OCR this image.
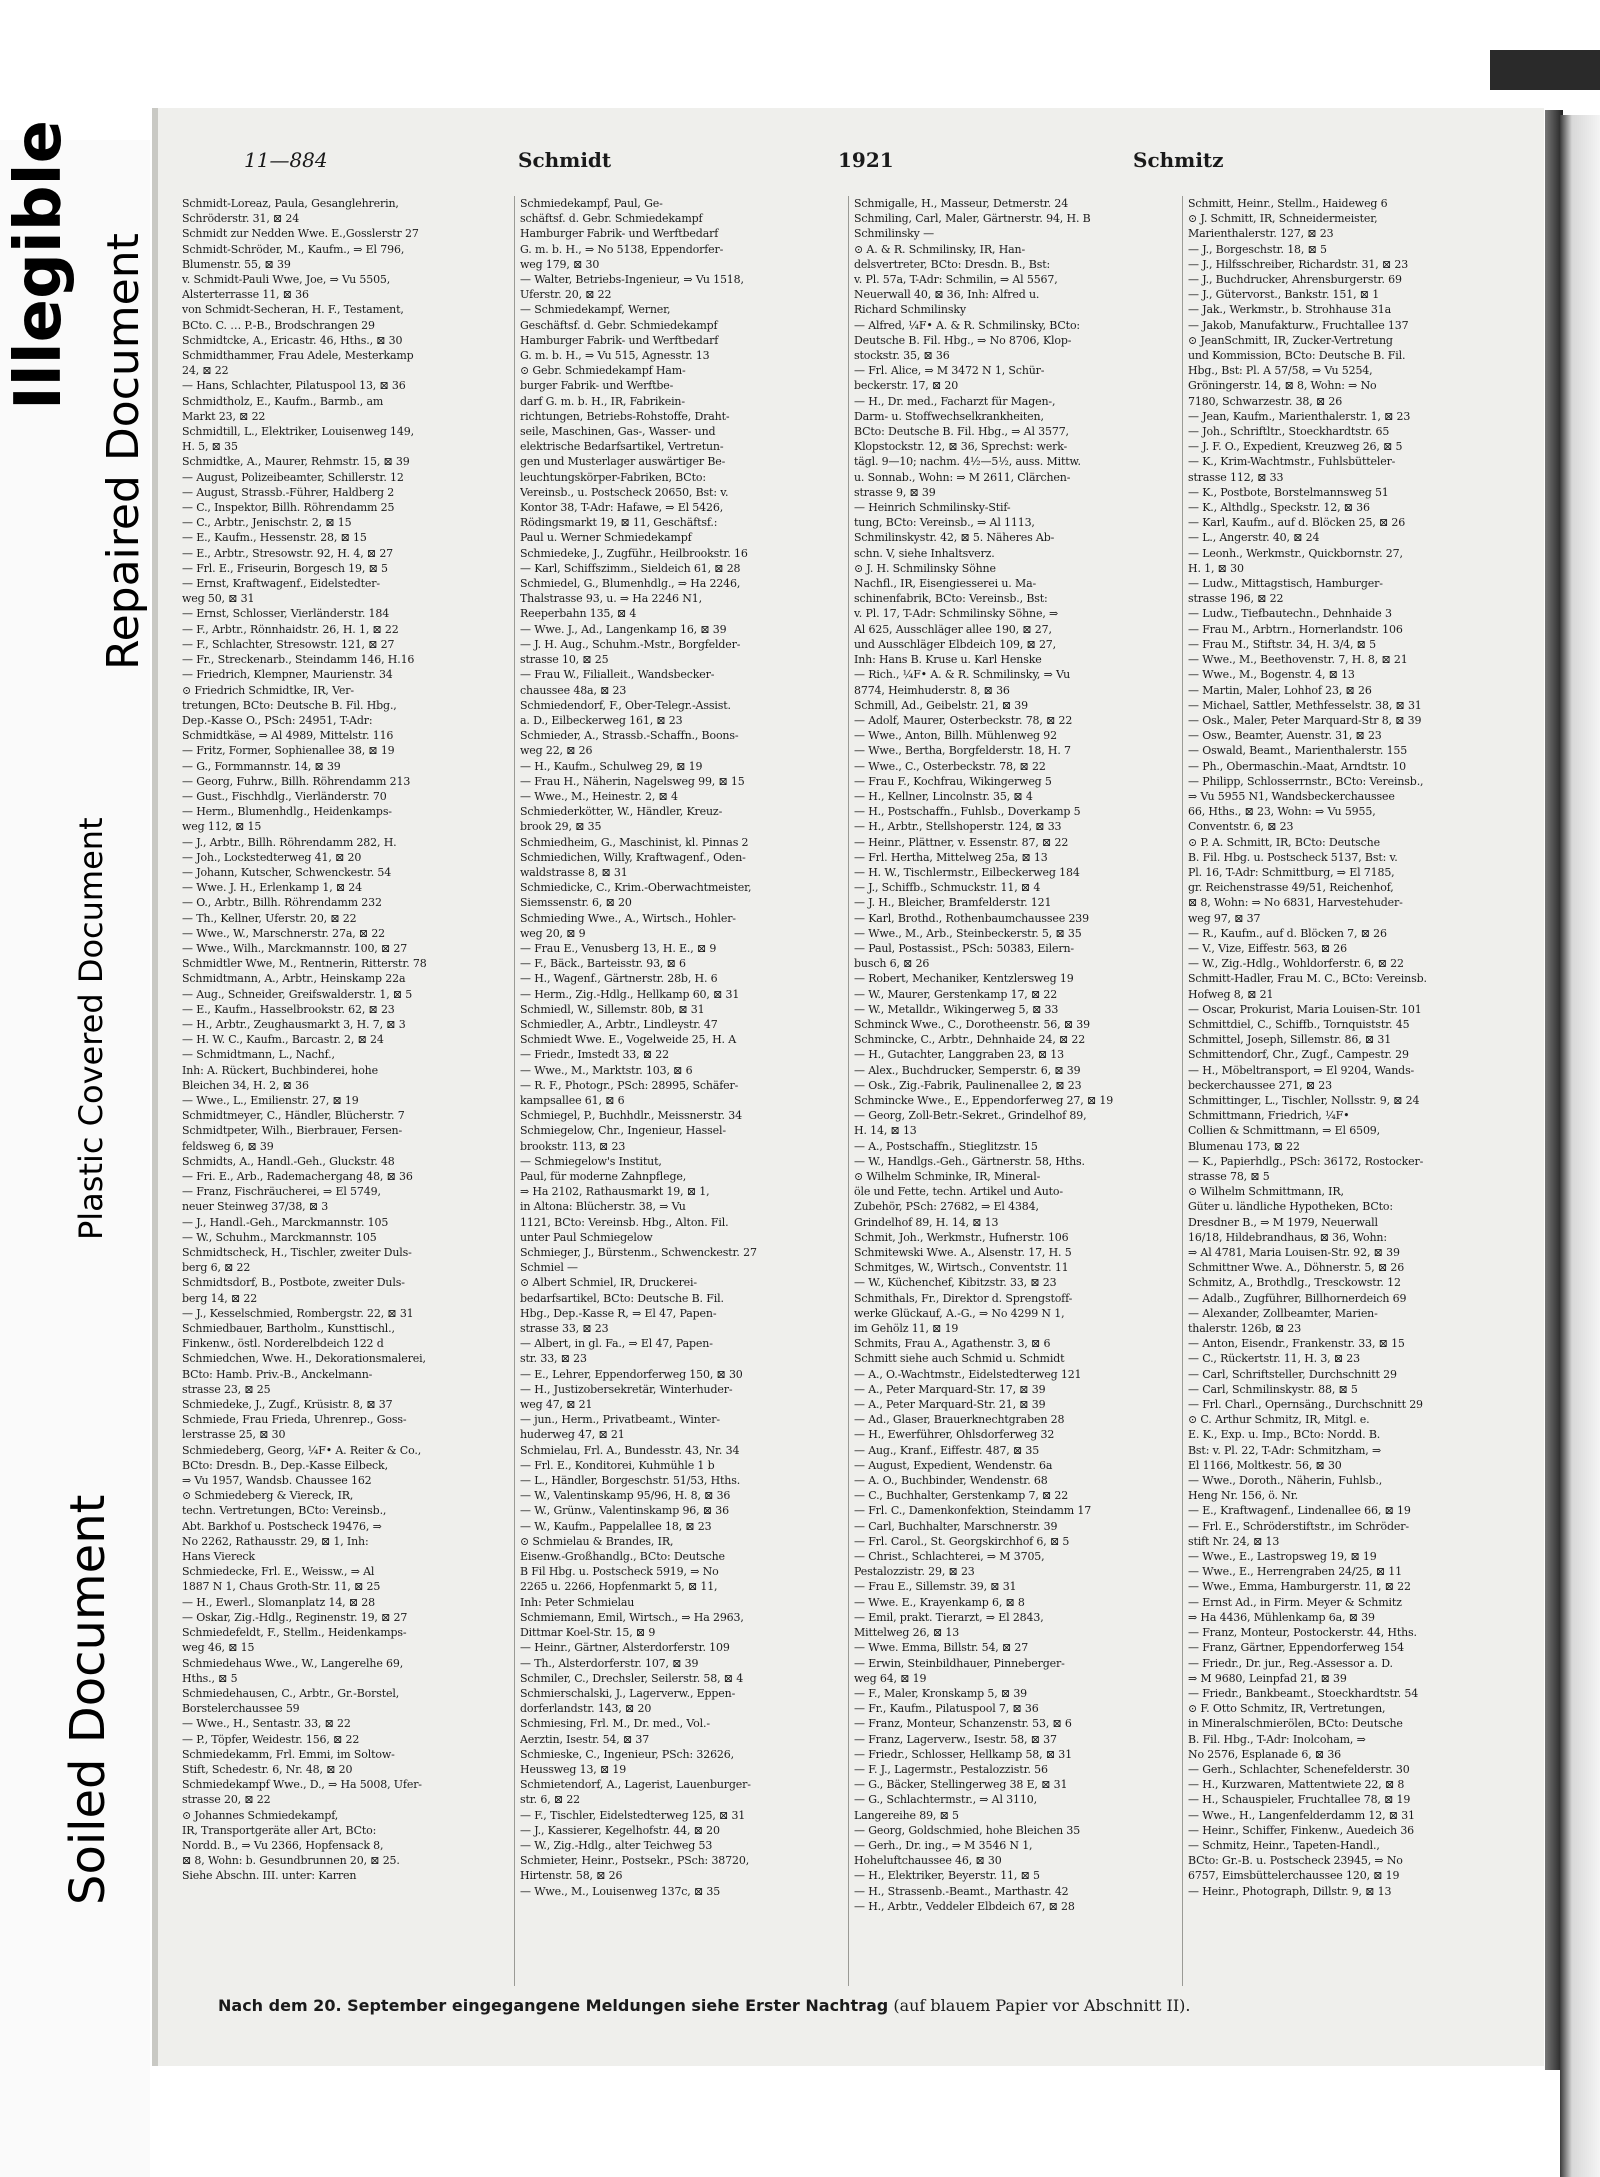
Illegible Repaired Document
Plastic Covered Document
Soiled Document
11—884	Schmidt	1921	Schmitz
Schmidt-Loreaz, Paula, Gesanglehrerin,
Schröderstr. 31, ⊠ 24
Schmidt zur Nedden Wwe. E.,Gosslerstr 27
Schmidt-Schröder, M., Kaufm., ⇒ El 796,
Blumenstr. 55, ⊠ 39
v. Schmidt-Pauli Wwe, Joe, ⇒ Vu 5505,
Alsterterrasse 11, ⊠ 36
von Schmidt-Secheran, H. F., Testament,
BCto. C. … P.-B., Brodschrangen 29
Schmidtcke, A., Ericastr. 46, Hths., ⊠ 30
Schmidthammer, Frau Adele, Mesterkamp
24, ⊠ 22
— Hans, Schlachter, Pilatuspool 13, ⊠ 36
Schmidtholz, E., Kaufm., Barmb., am
Markt 23, ⊠ 22
Schmidtill, L., Elektriker, Louisenweg 149,
H. 5, ⊠ 35
Schmidtke, A., Maurer, Rehmstr. 15, ⊠ 39
— August, Polizeibeamter, Schillerstr. 12
— August, Strassb.-Führer, Haldberg 2
— C., Inspektor, Billh. Röhrendamm 25
— C., Arbtr., Jenischstr. 2, ⊠ 15
— E., Kaufm., Hessenstr. 28, ⊠ 15
— E., Arbtr., Stresowstr. 92, H. 4, ⊠ 27
— Frl. E., Friseurin, Borgesch 19, ⊠ 5
— Ernst, Kraftwagenf., Eidelstedter-
weg 50, ⊠ 31
— Ernst, Schlosser, Vierländerstr. 184
— F., Arbtr., Rönnhaidstr. 26, H. 1, ⊠ 22
— F., Schlachter, Stresowstr. 121, ⊠ 27
— Fr., Streckenarb., Steindamm 146, H.16
— Friedrich, Klempner, Maurienstr. 34
⊙ Friedrich Schmidtke, IR, Ver-
tretungen, BCto: Deutsche B. Fil. Hbg.,
Dep.-Kasse O., PSch: 24951, T-Adr:
Schmidtkäse, ⇒ Al 4989, Mittelstr. 116
— Fritz, Former, Sophienallee 38, ⊠ 19
— G., Formmannstr. 14, ⊠ 39
— Georg, Fuhrw., Billh. Röhrendamm 213
— Gust., Fischhdlg., Vierländerstr. 70
— Herm., Blumenhdlg., Heidenkamps-
weg 112, ⊠ 15
— J., Arbtr., Billh. Röhrendamm 282, H.
— Joh., Lockstedterweg 41, ⊠ 20
— Johann, Kutscher, Schwenckestr. 54
— Wwe. J. H., Erlenkamp 1, ⊠ 24
— O., Arbtr., Billh. Röhrendamm 232
— Th., Kellner, Uferstr. 20, ⊠ 22
— Wwe., W., Marschnerstr. 27a, ⊠ 22
— Wwe., Wilh., Marckmannstr. 100, ⊠ 27
Schmidtler Wwe, M., Rentnerin, Ritterstr. 78
Schmidtmann, A., Arbtr., Heinskamp 22a
— Aug., Schneider, Greifswalderstr. 1, ⊠ 5
— E., Kaufm., Hasselbrookstr. 62, ⊠ 23
— H., Arbtr., Zeughausmarkt 3, H. 7, ⊠ 3
— H. W. C., Kaufm., Barcastr. 2, ⊠ 24
— Schmidtmann, L., Nachf.,
Inh: A. Rückert, Buchbinderei, hohe
Bleichen 34, H. 2, ⊠ 36
— Wwe., L., Emilienstr. 27, ⊠ 19
Schmidtmeyer, C., Händler, Blücherstr. 7
Schmidtpeter, Wilh., Bierbrauer, Fersen-
feldsweg 6, ⊠ 39
Schmidts, A., Handl.-Geh., Gluckstr. 48
— Fri. E., Arb., Rademachergang 48, ⊠ 36
— Franz, Fischräucherei, ⇒ El 5749,
neuer Steinweg 37/38, ⊠ 3
— J., Handl.-Geh., Marckmannstr. 105
— W., Schuhm., Marckmannstr. 105
Schmidtscheck, H., Tischler, zweiter Duls-
berg 6, ⊠ 22
Schmidtsdorf, B., Postbote, zweiter Duls-
berg 14, ⊠ 22
— J., Kesselschmied, Rombergstr. 22, ⊠ 31
Schmiedbauer, Bartholm., Kunsttischl.,
Finkenw., östl. Norderelbdeich 122 d
Schmiedchen, Wwe. H., Dekorationsmalerei,
BCto: Hamb. Priv.-B., Anckelmann-
strasse 23, ⊠ 25
Schmiedeke, J., Zugf., Krüsistr. 8, ⊠ 37
Schmiede, Frau Frieda, Uhrenrep., Goss-
lerstrasse 25, ⊠ 30
Schmiedeberg, Georg, ¼F• A. Reiter & Co.,
BCto: Dresdn. B., Dep.-Kasse Eilbeck,
⇒ Vu 1957, Wandsb. Chaussee 162
⊙ Schmiedeberg & Viereck, IR,
techn. Vertretungen, BCto: Vereinsb.,
Abt. Barkhof u. Postscheck 19476, ⇒
No 2262, Rathausstr. 29, ⊠ 1, Inh:
Hans Viereck
Schmiedecke, Frl. E., Weissw., ⇒ Al
1887 N 1, Chaus Groth-Str. 11, ⊠ 25
— H., Ewerl., Slomanplatz 14, ⊠ 28
— Oskar, Zig.-Hdlg., Reginenstr. 19, ⊠ 27
Schmiedefeldt, F., Stellm., Heidenkamps-
weg 46, ⊠ 15
Schmiedehaus Wwe., W., Langerelhe 69,
Hths., ⊠ 5
Schmiedehausen, C., Arbtr., Gr.-Borstel,
Borstelerchaussee 59
— Wwe., H., Sentastr. 33, ⊠ 22
— P., Töpfer, Weidestr. 156, ⊠ 22
Schmiedekamm, Frl. Emmi, im Soltow-
Stift, Schedestr. 6, Nr. 48, ⊠ 20
Schmiedekampf Wwe., D., ⇒ Ha 5008, Ufer-
strasse 20, ⊠ 22
⊙ Johannes Schmiedekampf,
IR, Transportgeräte aller Art, BCto:
Nordd. B., ⇒ Vu 2366, Hopfensack 8,
⊠ 8, Wohn: b. Gesundbrunnen 20, ⊠ 25.
Siehe Abschn. III. unter: Karren
Schmiedekampf, Paul, Ge-
schäftsf. d. Gebr. Schmiedekampf
Hamburger Fabrik- und Werftbedarf
G. m. b. H., ⇒ No 5138, Eppendorfer-
weg 179, ⊠ 30
— Walter, Betriebs-Ingenieur, ⇒ Vu 1518,
Uferstr. 20, ⊠ 22
— Schmiedekampf, Werner,
Geschäftsf. d. Gebr. Schmiedekampf
Hamburger Fabrik- und Werftbedarf
G. m. b. H., ⇒ Vu 515, Agnesstr. 13
⊙ Gebr. Schmiedekampf Ham-
burger Fabrik- und Werftbe-
darf G. m. b. H., IR, Fabrikein-
richtungen, Betriebs-Rohstoffe, Draht-
seile, Maschinen, Gas-, Wasser- und
elektrische Bedarfsartikel, Vertretun-
gen und Musterlager auswärtiger Be-
leuchtungskörper-Fabriken, BCto:
Vereinsb., u. Postscheck 20650, Bst: v.
Kontor 38, T-Adr: Hafawe, ⇒ El 5426,
Rödingsmarkt 19, ⊠ 11, Geschäftsf.:
Paul u. Werner Schmiedekampf
Schmiedeke, J., Zugführ., Heilbrookstr. 16
— Karl, Schiffszimm., Sieldeich 61, ⊠ 28
Schmiedel, G., Blumenhdlg., ⇒ Ha 2246,
Thalstrasse 93, u. ⇒ Ha 2246 N1,
Reeperbahn 135, ⊠ 4
— Wwe. J., Ad., Langenkamp 16, ⊠ 39
— J. H. Aug., Schuhm.-Mstr., Borgfelder-
strasse 10, ⊠ 25
— Frau W., Filialleit., Wandsbecker-
chaussee 48a, ⊠ 23
Schmiedendorf, F., Ober-Telegr.-Assist.
a. D., Eilbeckerweg 161, ⊠ 23
Schmieder, A., Strassb.-Schaffn., Boons-
weg 22, ⊠ 26
— H., Kaufm., Schulweg 29, ⊠ 19
— Frau H., Näherin, Nagelsweg 99, ⊠ 15
— Wwe., M., Heinestr. 2, ⊠ 4
Schmiederkötter, W., Händler, Kreuz-
brook 29, ⊠ 35
Schmiedheim, G., Maschinist, kl. Pinnas 2
Schmiedichen, Willy, Kraftwagenf., Oden-
waldstrasse 8, ⊠ 31
Schmiedicke, C., Krim.-Oberwachtmeister,
Siemssenstr. 6, ⊠ 20
Schmieding Wwe., A., Wirtsch., Hohler-
weg 20, ⊠ 9
— Frau E., Venusberg 13, H. E., ⊠ 9
— F., Bäck., Barteisstr. 93, ⊠ 6
— H., Wagenf., Gärtnerstr. 28b, H. 6
— Herm., Zig.-Hdlg., Hellkamp 60, ⊠ 31
Schmiedl, W., Sillemstr. 80b, ⊠ 31
Schmiedler, A., Arbtr., Lindleystr. 47
Schmiedt Wwe. E., Vogelweide 25, H. A
— Friedr., Imstedt 33, ⊠ 22
— Wwe., M., Marktstr. 103, ⊠ 6
— R. F., Photogr., PSch: 28995, Schäfer-
kampsallee 61, ⊠ 6
Schmiegel, P., Buchhdlr., Meissnerstr. 34
Schmiegelow, Chr., Ingenieur, Hassel-
brookstr. 113, ⊠ 23
— Schmiegelow's Institut,
Paul, für moderne Zahnpflege,
⇒ Ha 2102, Rathausmarkt 19, ⊠ 1,
in Altona: Blücherstr. 38, ⇒ Vu
1121, BCto: Vereinsb. Hbg., Alton. Fil.
unter Paul Schmiegelow
Schmieger, J., Bürstenm., Schwenckestr. 27
Schmiel —
⊙ Albert Schmiel, IR, Druckerei-
bedarfsartikel, BCto: Deutsche B. Fil.
Hbg., Dep.-Kasse R, ⇒ El 47, Papen-
strasse 33, ⊠ 23
— Albert, in gl. Fa., ⇒ El 47, Papen-
str. 33, ⊠ 23
— E., Lehrer, Eppendorferweg 150, ⊠ 30
— H., Justizobersekretär, Winterhuder-
weg 47, ⊠ 21
— jun., Herm., Privatbeamt., Winter-
huderweg 47, ⊠ 21
Schmielau, Frl. A., Bundesstr. 43, Nr. 34
— Frl. E., Konditorei, Kuhmühle 1 b
— L., Händler, Borgeschstr. 51/53, Hths.
— W., Valentinskamp 95/96, H. 8, ⊠ 36
— W., Grünw., Valentinskamp 96, ⊠ 36
— W., Kaufm., Pappelallee 18, ⊠ 23
⊙ Schmielau & Brandes, IR,
Eisenw.-Großhandlg., BCto: Deutsche
B Fil Hbg. u. Postscheck 5919, ⇒ No
2265 u. 2266, Hopfenmarkt 5, ⊠ 11,
Inh: Peter Schmielau
Schmiemann, Emil, Wirtsch., ⇒ Ha 2963,
Dittmar Koel-Str. 15, ⊠ 9
— Heinr., Gärtner, Alsterdorferstr. 109
— Th., Alsterdorferstr. 107, ⊠ 39
Schmiler, C., Drechsler, Seilerstr. 58, ⊠ 4
Schmierschalski, J., Lagerverw., Eppen-
dorferlandstr. 143, ⊠ 20
Schmiesing, Frl. M., Dr. med., Vol.-
Aerztin, Isestr. 54, ⊠ 37
Schmieske, C., Ingenieur, PSch: 32626,
Heussweg 13, ⊠ 19
Schmietendorf, A., Lagerist, Lauenburger-
str. 6, ⊠ 22
— F., Tischler, Eidelstedterweg 125, ⊠ 31
— J., Kassierer, Kegelhofstr. 44, ⊠ 20
— W., Zig.-Hdlg., alter Teichweg 53
Schmieter, Heinr., Postsekr., PSch: 38720,
Hirtenstr. 58, ⊠ 26
— Wwe., M., Louisenweg 137c, ⊠ 35
Schmigalle, H., Masseur, Detmerstr. 24
Schmiling, Carl, Maler, Gärtnerstr. 94, H. B
Schmilinsky —
⊙ A. & R. Schmilinsky, IR, Han-
delsvertreter, BCto: Dresdn. B., Bst:
v. Pl. 57a, T-Adr: Schmilin, ⇒ Al 5567,
Neuerwall 40, ⊠ 36, Inh: Alfred u.
Richard Schmilinsky
— Alfred, ¼F• A. & R. Schmilinsky, BCto:
Deutsche B. Fil. Hbg., ⇒ No 8706, Klop-
stockstr. 35, ⊠ 36
— Frl. Alice, ⇒ M 3472 N 1, Schür-
beckerstr. 17, ⊠ 20
— H., Dr. med., Facharzt für Magen-,
Darm- u. Stoffwechselkrankheiten,
BCto: Deutsche B. Fil. Hbg., ⇒ Al 3577,
Klopstockstr. 12, ⊠ 36, Sprechst: werk-
tägl. 9—10; nachm. 4½—5½, auss. Mittw.
u. Sonnab., Wohn: ⇒ M 2611, Clärchen-
strasse 9, ⊠ 39
— Heinrich Schmilinsky-Stif-
tung, BCto: Vereinsb., ⇒ Al 1113,
Schmilinskystr. 42, ⊠ 5. Näheres Ab-
schn. V, siehe Inhaltsverz.
⊙ J. H. Schmilinsky Söhne
Nachfl., IR, Eisengiesserei u. Ma-
schinenfabrik, BCto: Vereinsb., Bst:
v. Pl. 17, T-Adr: Schmilinsky Söhne, ⇒
Al 625, Ausschläger allee 190, ⊠ 27,
und Ausschläger Elbdeich 109, ⊠ 27,
Inh: Hans B. Kruse u. Karl Henske
— Rich., ¼F• A. & R. Schmilinsky, ⇒ Vu
8774, Heimhuderstr. 8, ⊠ 36
Schmill, Ad., Geibelstr. 21, ⊠ 39
— Adolf, Maurer, Osterbeckstr. 78, ⊠ 22
— Wwe., Anton, Billh. Mühlenweg 92
— Wwe., Bertha, Borgfelderstr. 18, H. 7
— Wwe., C., Osterbeckstr. 78, ⊠ 22
— Frau F., Kochfrau, Wikingerweg 5
— H., Kellner, Lincolnstr. 35, ⊠ 4
— H., Postschaffn., Fuhlsb., Doverkamp 5
— H., Arbtr., Stellshoperstr. 124, ⊠ 33
— Heinr., Plättner, v. Essenstr. 87, ⊠ 22
— Frl. Hertha, Mittelweg 25a, ⊠ 13
— H. W., Tischlermstr., Eilbeckerweg 184
— J., Schiffb., Schmuckstr. 11, ⊠ 4
— J. H., Bleicher, Bramfelderstr. 121
— Karl, Brothd., Rothenbaumchaussee 239
— Wwe., M., Arb., Steinbeckerstr. 5, ⊠ 35
— Paul, Postassist., PSch: 50383, Eilern-
busch 6, ⊠ 26
— Robert, Mechaniker, Kentzlersweg 19
— W., Maurer, Gerstenkamp 17, ⊠ 22
— W., Metalldr., Wikingerweg 5, ⊠ 33
Schminck Wwe., C., Dorotheenstr. 56, ⊠ 39
Schmincke, C., Arbtr., Dehnhaide 24, ⊠ 22
— H., Gutachter, Langgraben 23, ⊠ 13
— Alex., Buchdrucker, Semperstr. 6, ⊠ 39
— Osk., Zig.-Fabrik, Paulinenallee 2, ⊠ 23
Schmincke Wwe., E., Eppendorferweg 27, ⊠ 19
— Georg, Zoll-Betr.-Sekret., Grindelhof 89,
H. 14, ⊠ 13
— A., Postschaffn., Stieglitzstr. 15
— W., Handlgs.-Geh., Gärtnerstr. 58, Hths.
⊙ Wilhelm Schminke, IR, Mineral-
öle und Fette, techn. Artikel und Auto-
Zubehör, PSch: 27682, ⇒ El 4384,
Grindelhof 89, H. 14, ⊠ 13
Schmit, Joh., Werkmstr., Hufnerstr. 106
Schmitewski Wwe. A., Alsenstr. 17, H. 5
Schmitges, W., Wirtsch., Conventstr. 11
— W., Küchenchef, Kibitzstr. 33, ⊠ 23
Schmithals, Fr., Direktor d. Sprengstoff-
werke Glückauf, A.-G., ⇒ No 4299 N 1,
im Gehölz 11, ⊠ 19
Schmits, Frau A., Agathenstr. 3, ⊠ 6
Schmitt siehe auch Schmid u. Schmidt
— A., O.-Wachtmstr., Eidelstedterweg 121
— A., Peter Marquard-Str. 17, ⊠ 39
— A., Peter Marquard-Str. 21, ⊠ 39
— Ad., Glaser, Brauerknechtgraben 28
— H., Ewerführer, Ohlsdorferweg 32
— Aug., Kranf., Eiffestr. 487, ⊠ 35
— August, Expedient, Wendenstr. 6a
— A. O., Buchbinder, Wendenstr. 68
— C., Buchhalter, Gerstenkamp 7, ⊠ 22
— Frl. C., Damenkonfektion, Steindamm 17
— Carl, Buchhalter, Marschnerstr. 39
— Frl. Carol., St. Georgskirchhof 6, ⊠ 5
— Christ., Schlachterei, ⇒ M 3705,
Pestalozzistr. 29, ⊠ 23
— Frau E., Sillemstr. 39, ⊠ 31
— Wwe. E., Krayenkamp 6, ⊠ 8
— Emil, prakt. Tierarzt, ⇒ El 2843,
Mittelweg 26, ⊠ 13
— Wwe. Emma, Billstr. 54, ⊠ 27
— Erwin, Steinbildhauer, Pinneberger-
weg 64, ⊠ 19
— F., Maler, Kronskamp 5, ⊠ 39
— Fr., Kaufm., Pilatuspool 7, ⊠ 36
— Franz, Monteur, Schanzenstr. 53, ⊠ 6
— Franz, Lagerverw., Isestr. 58, ⊠ 37
— Friedr., Schlosser, Hellkamp 58, ⊠ 31
— F. J., Lagermstr., Pestalozzistr. 56
— G., Bäcker, Stellingerweg 38 E, ⊠ 31
— G., Schlachtermstr., ⇒ Al 3110,
Langereihe 89, ⊠ 5
— Georg, Goldschmied, hohe Bleichen 35
— Gerh., Dr. ing., ⇒ M 3546 N 1,
Hoheluftchaussee 46, ⊠ 30
— H., Elektriker, Beyerstr. 11, ⊠ 5
— H., Strassenb.-Beamt., Marthastr. 42
— H., Arbtr., Veddeler Elbdeich 67, ⊠ 28
Schmitt, Heinr., Stellm., Haideweg 6
⊙ J. Schmitt, IR, Schneidermeister,
Marienthalerstr. 127, ⊠ 23
— J., Borgeschstr. 18, ⊠ 5
— J., Hilfsschreiber, Richardstr. 31, ⊠ 23
— J., Buchdrucker, Ahrensburgerstr. 69
— J., Gütervorst., Bankstr. 151, ⊠ 1
— Jak., Werkmstr., b. Strohhause 31a
— Jakob, Manufakturw., Fruchtallee 137
⊙ JeanSchmitt, IR, Zucker-Vertretung
und Kommission, BCto: Deutsche B. Fil.
Hbg., Bst: Pl. A 57/58, ⇒ Vu 5254,
Gröningerstr. 14, ⊠ 8, Wohn: ⇒ No
7180, Schwarzestr. 38, ⊠ 26
— Jean, Kaufm., Marienthalerstr. 1, ⊠ 23
— Joh., Schriftltr., Stoeckhardtstr. 65
— J. F. O., Expedient, Kreuzweg 26, ⊠ 5
— K., Krim-Wachtmstr., Fuhlsbütteler-
strasse 112, ⊠ 33
— K., Postbote, Borstelmannsweg 51
— K., Althdlg., Speckstr. 12, ⊠ 36
— Karl, Kaufm., auf d. Blöcken 25, ⊠ 26
— L., Angerstr. 40, ⊠ 24
— Leonh., Werkmstr., Quickbornstr. 27,
H. 1, ⊠ 30
— Ludw., Mittagstisch, Hamburger-
strasse 196, ⊠ 22
— Ludw., Tiefbautechn., Dehnhaide 3
— Frau M., Arbtrn., Hornerlandstr. 106
— Frau M., Stiftstr. 34, H. 3/4, ⊠ 5
— Wwe., M., Beethovenstr. 7, H. 8, ⊠ 21
— Wwe., M., Bogenstr. 4, ⊠ 13
— Martin, Maler, Lohhof 23, ⊠ 26
— Michael, Sattler, Methfesselstr. 38, ⊠ 31
— Osk., Maler, Peter Marquard-Str 8, ⊠ 39
— Osw., Beamter, Auenstr. 31, ⊠ 23
— Oswald, Beamt., Marienthalerstr. 155
— Ph., Obermaschin.-Maat, Arndtstr. 10
— Philipp, Schlosserrnstr., BCto: Vereinsb.,
⇒ Vu 5955 N1, Wandsbeckerchaussee
66, Hths., ⊠ 23, Wohn: ⇒ Vu 5955,
Conventstr. 6, ⊠ 23
⊙ P. A. Schmitt, IR, BCto: Deutsche
B. Fil. Hbg. u. Postscheck 5137, Bst: v.
Pl. 16, T-Adr: Schmittburg, ⇒ El 7185,
gr. Reichenstrasse 49/51, Reichenhof,
⊠ 8, Wohn: ⇒ No 6831, Harvestehuder-
weg 97, ⊠ 37
— R., Kaufm., auf d. Blöcken 7, ⊠ 26
— V., Vize, Eiffestr. 563, ⊠ 26
— W., Zig.-Hdlg., Wohldorferstr. 6, ⊠ 22
Schmitt-Hadler, Frau M. C., BCto: Vereinsb.
Hofweg 8, ⊠ 21
— Oscar, Prokurist, Maria Louisen-Str. 101
Schmittdiel, C., Schiffb., Tornquiststr. 45
Schmittel, Joseph, Sillemstr. 86, ⊠ 31
Schmittendorf, Chr., Zugf., Campestr. 29
— H., Möbeltransport, ⇒ El 9204, Wands-
beckerchaussee 271, ⊠ 23
Schmittinger, L., Tischler, Nollsstr. 9, ⊠ 24
Schmittmann, Friedrich, ¼F•
Collien & Schmittmann, ⇒ El 6509,
Blumenau 173, ⊠ 22
— K., Papierhdlg., PSch: 36172, Rostocker-
strasse 78, ⊠ 5
⊙ Wilhelm Schmittmann, IR,
Güter u. ländliche Hypotheken, BCto:
Dresdner B., ⇒ M 1979, Neuerwall
16/18, Hildebrandhaus, ⊠ 36, Wohn:
⇒ Al 4781, Maria Louisen-Str. 92, ⊠ 39
Schmittner Wwe. A., Döhnerstr. 5, ⊠ 26
Schmitz, A., Brothdlg., Tresckowstr. 12
— Adalb., Zugführer, Billhornerdeich 69
— Alexander, Zollbeamter, Marien-
thalerstr. 126b, ⊠ 23
— Anton, Eisendr., Frankenstr. 33, ⊠ 15
— C., Rückertstr. 11, H. 3, ⊠ 23
— Carl, Schriftsteller, Durchschnitt 29
— Carl, Schmilinskystr. 88, ⊠ 5
— Frl. Charl., Opernsäng., Durchschnitt 29
⊙ C. Arthur Schmitz, IR, Mitgl. e.
E. K., Exp. u. Imp., BCto: Nordd. B.
Bst: v. Pl. 22, T-Adr: Schmitzham, ⇒
El 1166, Moltkestr. 56, ⊠ 30
— Wwe., Doroth., Näherin, Fuhlsb.,
Heng Nr. 156, ö. Nr.
— E., Kraftwagenf., Lindenallee 66, ⊠ 19
— Frl. E., Schröderstiftstr., im Schröder-
stift Nr. 24, ⊠ 13
— Wwe., E., Lastropsweg 19, ⊠ 19
— Wwe., E., Herrengraben 24/25, ⊠ 11
— Wwe., Emma, Hamburgerstr. 11, ⊠ 22
— Ernst Ad., in Firm. Meyer & Schmitz
⇒ Ha 4436, Mühlenkamp 6a, ⊠ 39
— Franz, Monteur, Postockerstr. 44, Hths.
— Franz, Gärtner, Eppendorferweg 154
— Friedr., Dr. jur., Reg.-Assessor a. D.
⇒ M 9680, Leinpfad 21, ⊠ 39
— Friedr., Bankbeamt., Stoeckhardtstr. 54
⊙ F. Otto Schmitz, IR, Vertretungen,
in Mineralschmierölen, BCto: Deutsche
B. Fil. Hbg., T-Adr: Inolcoham, ⇒
No 2576, Esplanade 6, ⊠ 36
— Gerh., Schlachter, Schenefelderstr. 30
— H., Kurzwaren, Mattentwiete 22, ⊠ 8
— H., Schauspieler, Fruchtallee 78, ⊠ 19
— Wwe., H., Langenfelderdamm 12, ⊠ 31
— Heinr., Schiffer, Finkenw., Auedeich 36
— Schmitz, Heinr., Tapeten-Handl.,
BCto: Gr.-B. u. Postscheck 23945, ⇒ No
6757, Eimsbüttelerchaussee 120, ⊠ 19
— Heinr., Photograph, Dillstr. 9, ⊠ 13
Nach dem 20. September eingegangene Meldungen siehe Erster Nachtrag (auf blauem Papier vor Abschnitt II).
